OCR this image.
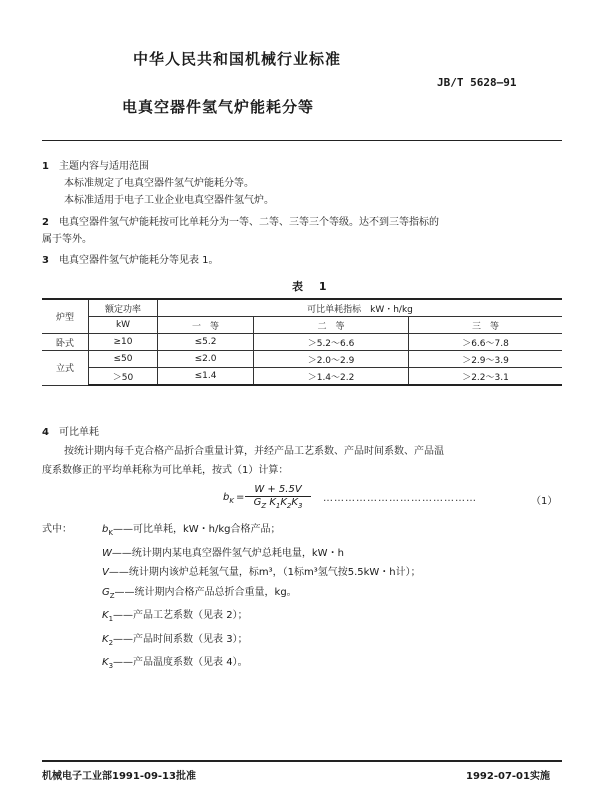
中华人民共和国机械行业标准
JB/T 5628—91
电真空器件氢气炉能耗分等
1　 主题内容与适用范围
本标准规定了电真空器件氢气炉能耗分等。
本标准适用于电子工业企业电真空器件氢气炉。
2　 电真空器件氢气炉能耗按可比单耗分为一等、二等、三等三个等级。达不到三等指标的
属于等外。
3　 电真空器件氢气炉能耗分等见表 1。
表 1
炉型	额定功率	可比单耗指标　kW・h/kg		
	kW	一　等	二　等	三　等
卧式	≥10	≤5.2	＞5.2～6.6	＞6.6～7.8
立式	≤50	≤2.0	＞2.0～2.9	＞2.9～3.9
	＞50	≤1.4	＞1.4～2.2	＞2.2～3.1
4　 可比单耗
按统计期内每千克合格产品折合重量计算，并经产品工艺系数、产品时间系数、产品温
度系数修正的平均单耗称为可比单耗，按式（1）计算：
$b_K = \frac{W + 5.5V}{G_Z K_1K_2K_3}$ ……………………………………	（1）
式中：	$b_K——$可比单耗，kW・h/kg合格产品；
W——统计期内某电真空器件氢气炉总耗电量，kW・h
V——统计期内该炉总耗氢气量，标m³，（1标m³氢气按5.5kW・h计）；
$G_Z——$统计期内合格产品总折合重量，kg。
$K_1——$产品工艺系数（见表 2）；
$K_2——$产品时间系数（见表 3）；
$K_3——$产品温度系数（见表 4）。
机械电子工业部1991-09-13批准	1992-07-01实施
